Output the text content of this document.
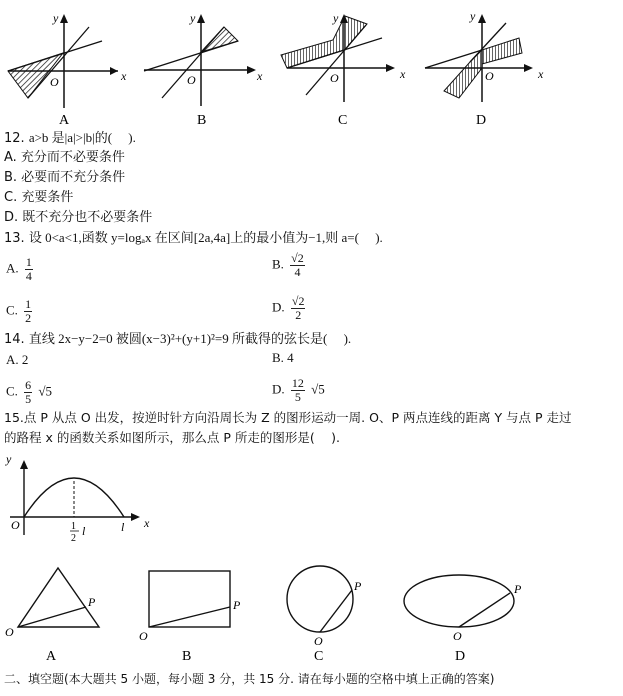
y
x
O
A
y
x
O
B
y
x
O
C
y
x
O
D
12. a>b 是|a|>|b|的(　 ).
A. 充分而不必要条件
B. 必要而不充分条件
C. 充要条件
D. 既不充分也不必要条件
13. 设 0<a<1,函数 y=logₐx 在区间[2a,4a]上的最小值为−1,则 a=(　 ).
A. $\frac{1}{4}$	B. $\frac{√2}{4}$
C. $\frac{1}{2}$	D. $\frac{√2}{2}$
14. 直线 2x−y−2=0 被圆(x−3)²+(y+1)²=9 所截得的弦长是(　 ).
A. 2	B. 4
C. $\frac{6}{5} √5$	D. $\frac{12}{5} √5$
15.点 P 从点 O 出发，按逆时针方向沿周长为 Z 的图形运动一周. O、P 两点连线的距离 Y 与点 P 走过
的路程 x 的函数关系如图所示，那么点 P 所走的图形是(　 ).
y
x
O	1
2
l	l
O
P
A
O
P
B
O
P
C
O
P
D
二、填空题(本大题共 5 小题，每小题 3 分，共 15 分. 请在每小题的空格中填上正确的答案)
